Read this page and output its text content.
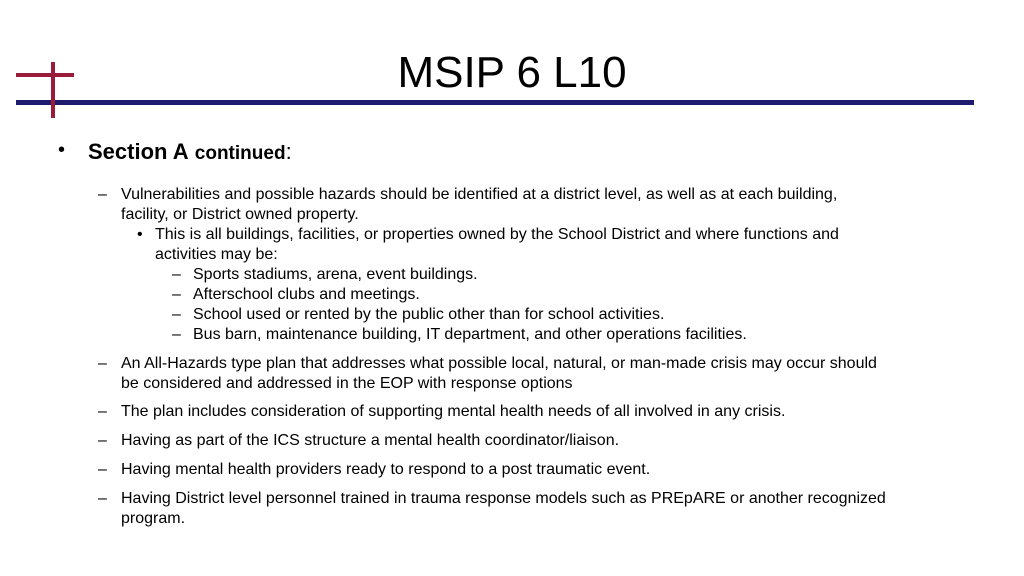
MSIP 6 L10
• Section A continued:
– Vulnerabilities and possible hazards should be identified at a district level, as well as at each building,
facility, or District owned property.
• This is all buildings, facilities, or properties owned by the School District and where functions and
activities may be:
– Sports stadiums, arena, event buildings.
– Afterschool clubs and meetings.
– School used or rented by the public other than for school activities.
– Bus barn, maintenance building, IT department, and other operations facilities.
– An All-Hazards type plan that addresses what possible local, natural, or man-made crisis may occur should
be considered and addressed in the EOP with response options
– The plan includes consideration of supporting mental health needs of all involved in any crisis.
– Having as part of the ICS structure a mental health coordinator/liaison.
– Having mental health providers ready to respond to a post traumatic event.
– Having District level personnel trained in trauma response models such as PREpARE or another recognized
program.
